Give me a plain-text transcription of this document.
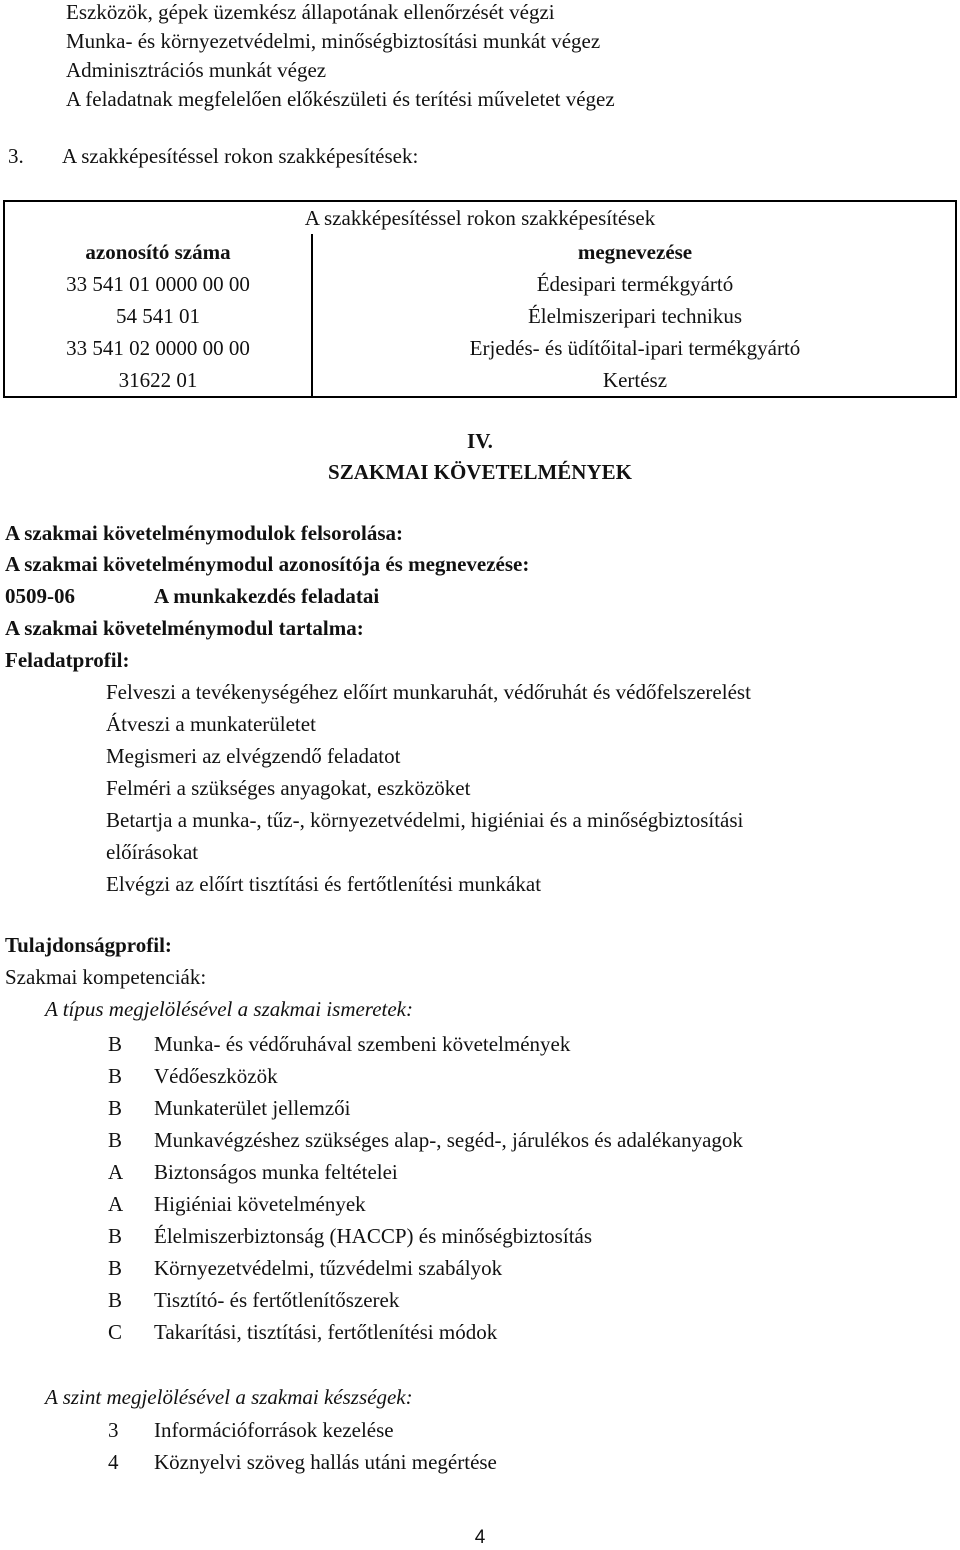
Eszközök, gépek üzemkész állapotának ellenőrzését végzi
Munka- és környezetvédelmi, minőségbiztosítási munkát végez
Adminisztrációs munkát végez
A feladatnak megfelelően előkészületi és terítési műveletet végez
3. A szakképesítéssel rokon szakképesítések:
A szakképesítéssel rokon szakképesítések
azonosító száma	megnevezése
33 541 01 0000 00 00	Édesipari termékgyártó
54 541 01	Élelmiszeripari technikus
33 541 02 0000 00 00	Erjedés- és üdítőital-ipari termékgyártó
31622 01	Kertész
IV.
SZAKMAI KÖVETELMÉNYEK
A szakmai követelménymodulok felsorolása:
A szakmai követelménymodul azonosítója és megnevezése:
0509-06	A munkakezdés feladatai
A szakmai követelménymodul tartalma:
Feladatprofil:
Felveszi a tevékenységéhez előírt munkaruhát, védőruhát és védőfelszerelést
Átveszi a munkaterületet
Megismeri az elvégzendő feladatot
Felméri a szükséges anyagokat, eszközöket
Betartja a munka-, tűz-, környezetvédelmi, higiéniai és a minőségbiztosítási
előírásokat
Elvégzi az előírt tisztítási és fertőtlenítési munkákat
Tulajdonságprofil:
Szakmai kompetenciák:
A típus megjelölésével a szakmai ismeretek:
B	Munka- és védőruhával szembeni követelmények
B	Védőeszközök
B	Munkaterület jellemzői
B	Munkavégzéshez szükséges alap-, segéd-, járulékos és adalékanyagok
A	Biztonságos munka feltételei
A	Higiéniai követelmények
B	Élelmiszerbiztonság (HACCP) és minőségbiztosítás
B	Környezetvédelmi, tűzvédelmi szabályok
B	Tisztító- és fertőtlenítőszerek
C	Takarítási, tisztítási, fertőtlenítési módok
A szint megjelölésével a szakmai készségek:
3	Információforrások kezelése
4	Köznyelvi szöveg hallás utáni megértése
4
